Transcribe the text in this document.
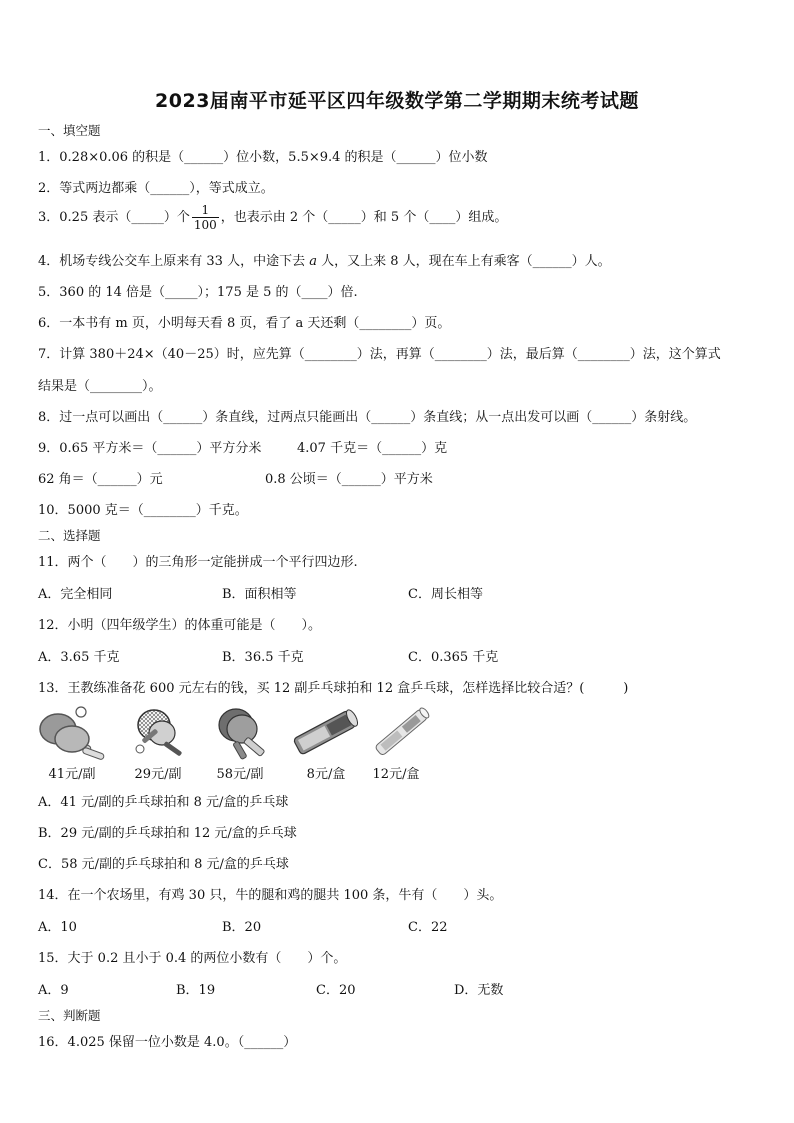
2023届南平市延平区四年级数学第二学期期末统考试题
一、填空题
1．0.28×0.06 的积是（______）位小数，5.5×9.4 的积是（______）位小数
2．等式两边都乘（______），等式成立。
3．0.25 表示（_____）个 $\frac{1}{100}$ ，也表示由 2 个（_____）和 5 个（____）组成。
4．机场专线公交车上原来有 33 人，中途下去 𝑎 人，又上来 8 人，现在车上有乘客（______）人。
5．360 的 14 倍是（_____）；175 是 5 的（____）倍.
6．一本书有 m 页，小明每天看 8 页，看了 a 天还剩（________）页。
7．计算 380＋24×（40－25）时，应先算（________）法，再算（________）法，最后算（________）法，这个算式
结果是（________）。
8．过一点可以画出（______）条直线，过两点只能画出（______）条直线；从一点出发可以画（______）条射线。
9．0.65 平方米＝（______）平方分米	4.07 千克＝（______）克
62 角＝（______）元	0.8 公顷＝（______）平方米
10．5000 克＝（________）千克。
二、选择题
11．两个（　　）的三角形一定能拼成一个平行四边形.
A．完全相同	B．面积相等	C．周长相等
12．小明（四年级学生）的体重可能是（　　）。
A．3.65 千克	B．36.5 千克	C．0.365 千克
13．王教练准备花 600 元左右的钱，买 12 副乒乓球拍和 12 盒乒乓球，怎样选择比较合适？(　　　)
41元/副	29元/副	58元/副	8元/盒	12元/盒
A．41 元/副的乒乓球拍和 8 元/盒的乒乓球
B．29 元/副的乒乓球拍和 12 元/盒的乒乓球
C．58 元/副的乒乓球拍和 8 元/盒的乒乓球
14．在一个农场里，有鸡 30 只，牛的腿和鸡的腿共 100 条，牛有（　　）头。
A．10	B．20	C．22
15．大于 0.2 且小于 0.4 的两位小数有（　　）个。
A．9	B．19	C．20	D．无数
三、判断题
16．4.025 保留一位小数是 4.0。（______）
